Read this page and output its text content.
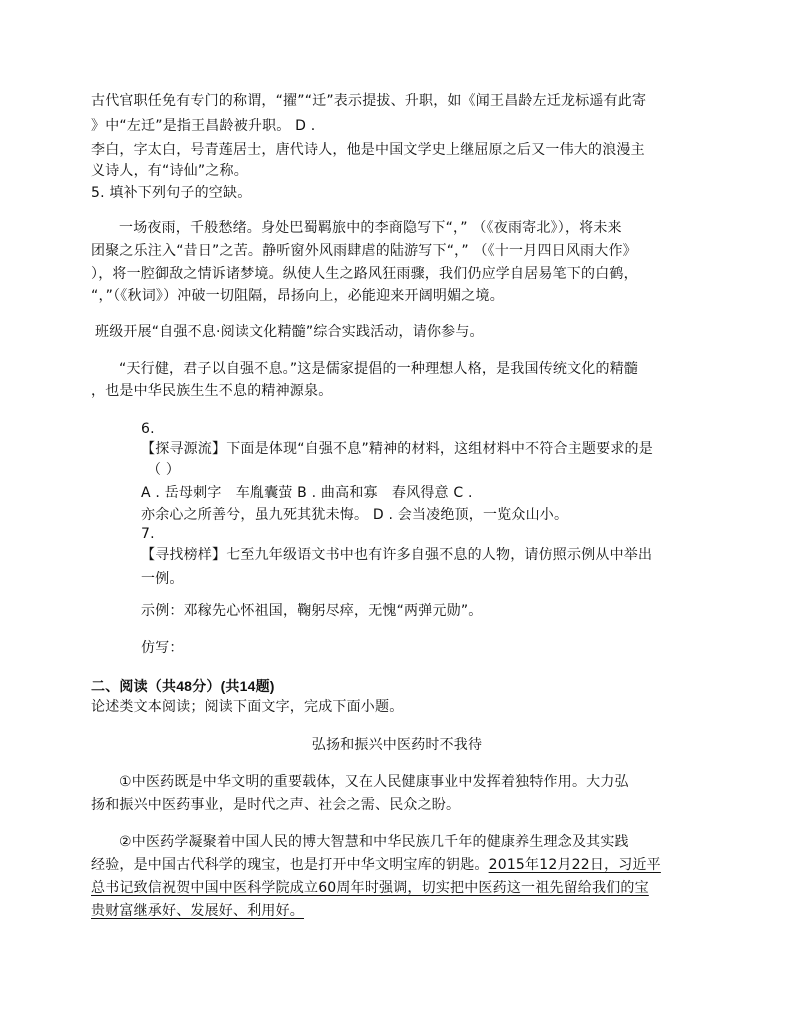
古代官职任免有专门的称谓，“擢”“迁”表示提拔、升职，如《闻王昌龄左迁龙标遥有此寄
》中“左迁”是指王昌龄被升职。 D .
李白，字太白，号青莲居士，唐代诗人，他是中国文学史上继屈原之后又一伟大的浪漫主
义诗人，有“诗仙”之称。
5. 填补下列句子的空缺。
一场夜雨，千般愁绪。身处巴蜀羁旅中的李商隐写下“，” （《夜雨寄北》），将未来
团聚之乐注入“昔日”之苦。静听窗外风雨肆虐的陆游写下“，” （《十一月四日风雨大作》
），将一腔御敌之情诉诸梦境。纵使人生之路风狂雨骤，我们仍应学自居易笔下的白鹤，
“，”（《秋词》）冲破一切阻隔，昂扬向上，必能迎来开阔明媚之境。
班级开展“自强不息·阅读文化精髓”综合实践活动，请你参与。
“天行健，君子以自强不息。”这是儒家提倡的一种理想人格，是我国传统文化的精髓
，也是中华民族生生不息的精神源泉。
6.
【探寻源流】下面是体现“自强不息”精神的材料，这组材料中不符合主题要求的是
（ ）
A . 岳母刺字　车胤囊萤 B . 曲高和寡　春风得意 C .
亦余心之所善兮，虽九死其犹未悔。 D . 会当凌绝顶，一览众山小。
7.
【寻找榜样】七至九年级语文书中也有许多自强不息的人物，请仿照示例从中举出
一例。
示例：邓稼先心怀祖国，鞠躬尽瘁，无愧“两弹元勋”。
仿写：
二、阅读（共48分）(共14题)
论述类文本阅读；阅读下面文字，完成下面小题。
弘扬和振兴中医药时不我待
①中医药既是中华文明的重要载体，又在人民健康事业中发挥着独特作用。大力弘
扬和振兴中医药事业，是时代之声、社会之需、民众之盼。
②中医药学凝聚着中国人民的博大智慧和中华民族几千年的健康养生理念及其实践
经验，是中国古代科学的瑰宝，也是打开中华文明宝库的钥匙。2015年12月22日，习近平
总书记致信祝贺中国中医科学院成立60周年时强调，切实把中医药这一祖先留给我们的宝
贵财富继承好、发展好、利用好。
